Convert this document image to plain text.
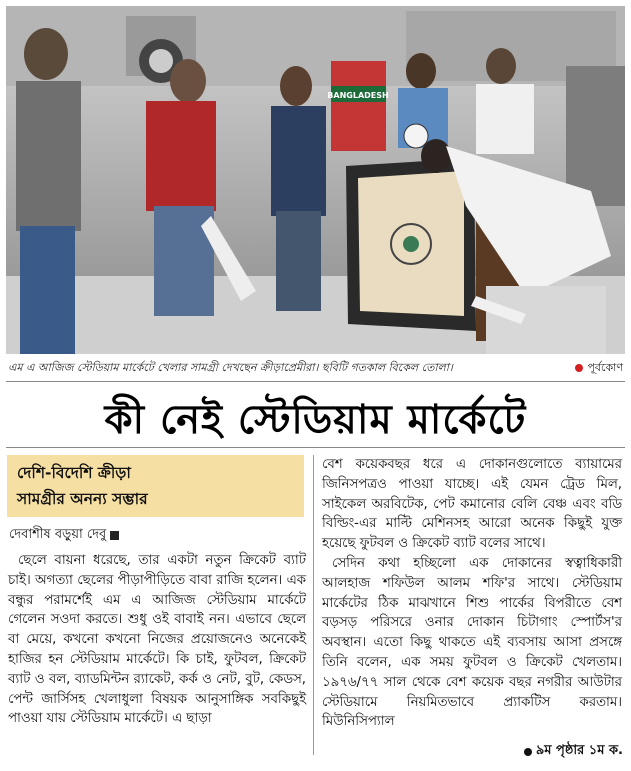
BANGLADESH
এম এ আজিজ স্টেডিয়াম মার্কেটে খেলার সামগ্রী দেখছেন ক্রীড়াপ্রেমীরা। ছবিটি গতকাল বিকেল তোলা।	পূর্বকোণ
কী নেই স্টেডিয়াম মার্কেটে
দেশি-বিদেশি ক্রীড়া
সামগ্রীর অনন্য সম্ভার
দেবাশীষ বড়ুয়া দেবু

ছেলে বায়না ধরেছে, তার একটা নতুন ক্রিকেট ব্যাট চাই। অগত্যা ছেলের পীড়াপীড়িতে বাবা রাজি হলেন। এক বন্ধুর পরামর্শেই এম এ আজিজ স্টেডিয়াম মার্কেটে গেলেন সওদা করতে। শুধু ওই বাবাই নন। এভাবে ছেলে বা মেয়ে, কখনো কখনো নিজের প্রয়োজনেও অনেকেই হাজির হন স্টেডিয়াম মার্কেটে। কি চাই, ফুটবল, ক্রিকেট ব্যাট ও বল, ব্যাডমিন্টন র‌্যাকেট, কর্ক ও নেট, বুট, কেডস, পেন্ট জার্সিসহ খেলাধুলা বিষয়ক আনুসাঙ্গিক সবকিছুই পাওয়া যায় স্টেডিয়াম মার্কেটে। এ ছাড়া

বেশ কয়েকবছর ধরে এ দোকানগুলোতে ব্যায়ামের জিনিসপত্রও পাওয়া যাচ্ছে। এই যেমন ট্রেড মিল, সাইকেল অরবিটেক, পেট কমানোর বেলি বেঞ্চ এবং বডি বিল্ডিং-এর মাল্টি মেশিনসহ আরো অনেক কিছুই যুক্ত হয়েছে ফুটবল ও ক্রিকেট ব্যাট বলের সাথে।

সেদিন কথা হচ্ছিলো এক দোকানের স্বত্বাধিকারী আলহাজ শফিউল আলম শফি'র সাথে। স্টেডিয়াম মার্কেটের ঠিক মাঝখানে শিশু পার্কের বিপরীতে বেশ বড়সড় পরিসরে ওনার দোকান চিটাগাং স্পোর্টস'র অবস্থান। এতো কিছু থাকতে এই ব্যবসায় আসা প্রসঙ্গে তিনি বলেন, এক সময় ফুটবল ও ক্রিকেট খেলতাম। ১৯৭৬/৭৭ সাল থেকে বেশ কয়েক বছর নগরীর আউটার স্টেডিয়ামে নিয়মিতভাবে প্র্যাকটিস করতাম। মিউনিসিপ্যাল

৯ম পৃষ্ঠার ১ম ক.
